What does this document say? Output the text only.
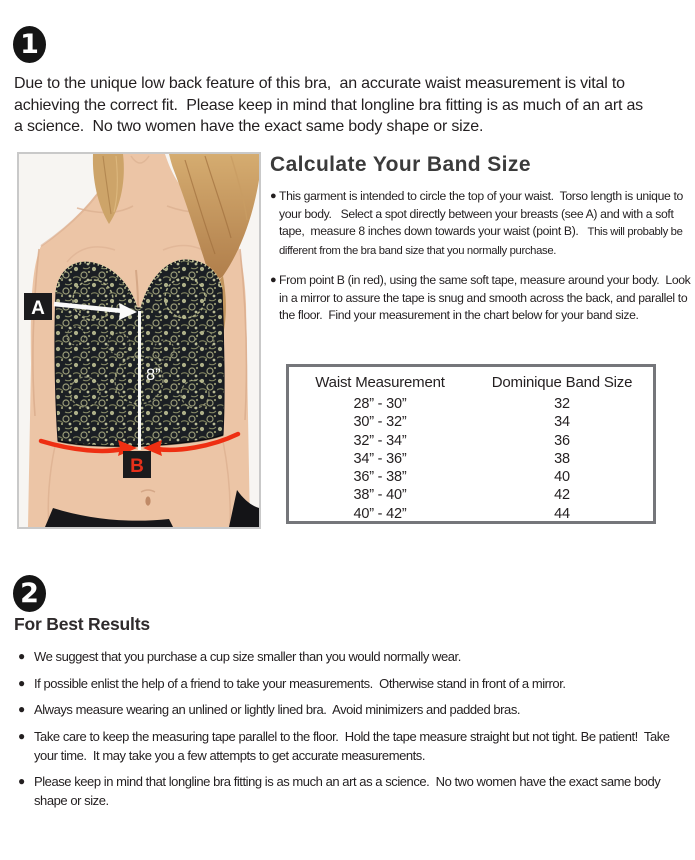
1
Due to the unique low back feature of this bra,  an accurate waist measurement is vital to achieving the correct fit.  Please keep in mind that longline bra fitting is as much of an art as a science.  No two women have the exact same body shape or size.
A
B
8”
Calculate Your Band Size
● This garment is intended to circle the top of your waist.  Torso length is unique to your body.   Select a spot directly between your breasts (see A) and with a soft tape,  measure 8 inches down towards your waist (point B).   This will probably be different from the bra band size that you normally purchase.
● From point B (in red), using the same soft tape, measure around your body.  Look in a mirror to assure the tape is snug and smooth across the back, and parallel to the floor.  Find your measurement in the chart below for your band size.
Waist Measurement	Dominique Band Size
28” - 30”	32
30” - 32”	34
32” - 34”	36
34” - 36”	38
36” - 38”	40
38” - 40”	42
40” - 42”	44
2
For Best Results
● We suggest that you purchase a cup size smaller than you would normally wear.
● If possible enlist the help of a friend to take your measurements.  Otherwise stand in front of a mirror.
● Always measure wearing an unlined or lightly lined bra.  Avoid minimizers and padded bras.
● Take care to keep the measuring tape parallel to the floor.  Hold the tape measure straight but not tight. Be patient!  Take your time.  It may take you a few attempts to get accurate measurements.
● Please keep in mind that longline bra fitting is as much an art as a science.  No two women have the exact same body shape or size.
